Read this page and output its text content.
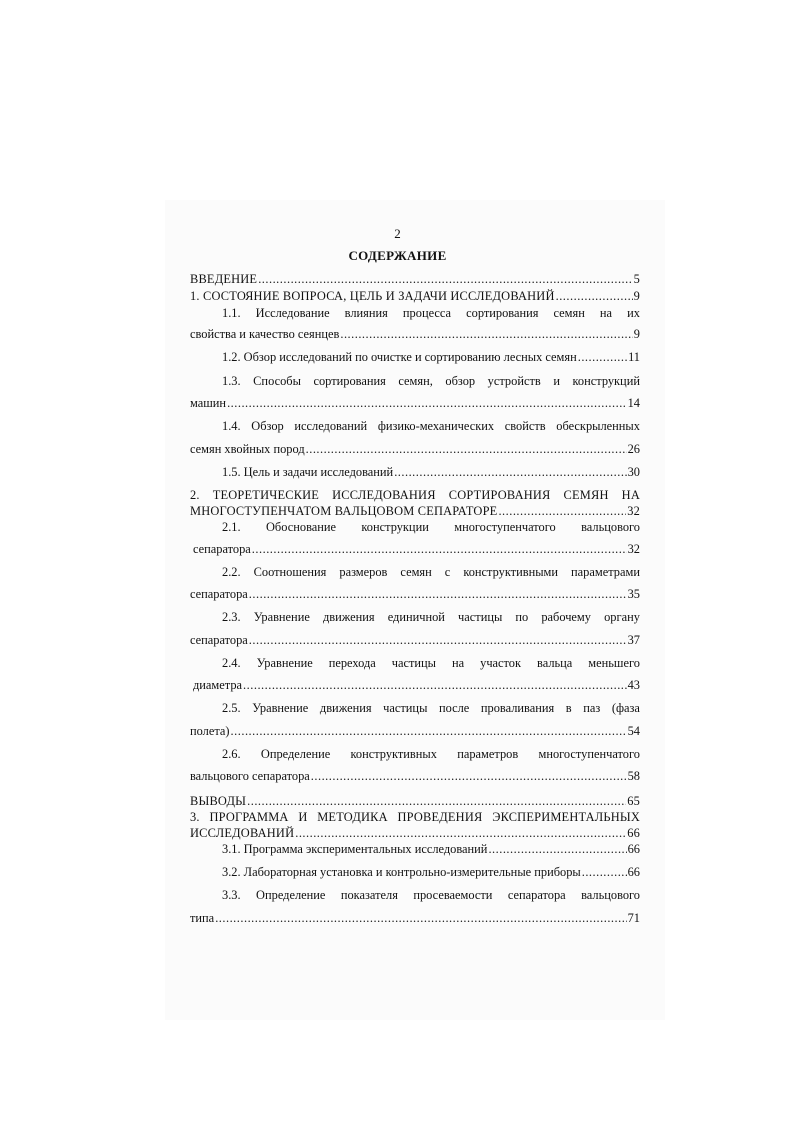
2
СОДЕРЖАНИЕ
ВВЕДЕНИЕ .....	5
1. СОСТОЯНИЕ ВОПРОСА, ЦЕЛЬ И ЗАДАЧИ ИССЛЕДОВАНИЙ .....	9
1.1. Исследование влияния процесса сортирования семян на их
свойства и качество сеянцев .....	9
1.2. Обзор исследований по очистке и сортированию лесных семян .....	11
1.3. Способы сортирования семян, обзор устройств и конструкций
машин .....	14
1.4. Обзор исследований физико-механических свойств обескрыленных
семян хвойных пород .....	26
1.5. Цель и задачи исследований .....	30
2. ТЕОРЕТИЧЕСКИЕ ИССЛЕДОВАНИЯ СОРТИРОВАНИЯ СЕМЯН НА
МНОГОСТУПЕНЧАТОМ ВАЛЬЦОВОМ СЕПАРАТОРЕ .....	32
2.1. Обоснование конструкции многоступенчатого вальцового
сепаратора .....	32
2.2. Соотношения размеров семян с конструктивными параметрами
сепаратора .....	35
2.3. Уравнение движения единичной частицы по рабочему органу
сепаратора .....	37
2.4. Уравнение перехода частицы на участок вальца меньшего
диаметра .....	43
2.5. Уравнение движения частицы после проваливания в паз (фаза
полета) .....	54
2.6. Определение конструктивных параметров многоступенчатого
вальцового сепаратора .....	58
ВЫВОДЫ .....	65
3. ПРОГРАММА И МЕТОДИКА ПРОВЕДЕНИЯ ЭКСПЕРИМЕНТАЛЬНЫХ
ИССЛЕДОВАНИЙ .....	66
3.1. Программа экспериментальных исследований .....	66
3.2. Лабораторная установка и контрольно-измерительные приборы .....	66
3.3. Определение показателя просеваемости сепаратора вальцового
типа .....	71
